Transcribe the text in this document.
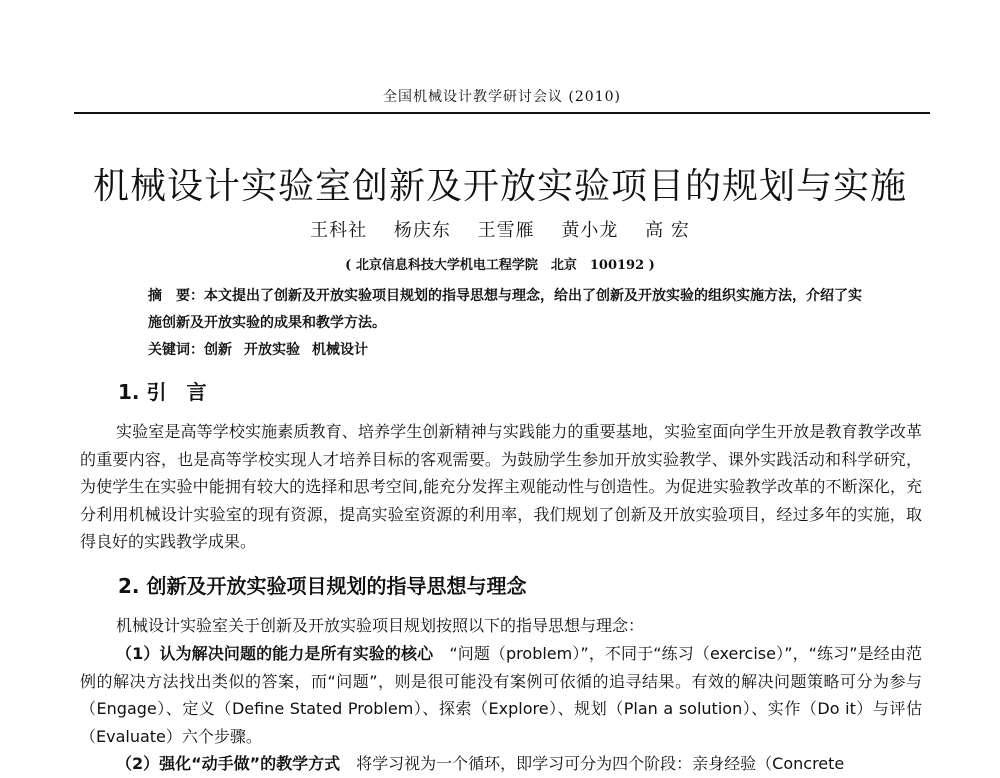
全国机械设计教学研讨会议 (2010)
机械设计实验室创新及开放实验项目的规划与实施
王科社 杨庆东 王雪雁 黄小龙 高 宏
( 北京信息科技大学机电工程学院　北京　100192 )
摘　要：本文提出了创新及开放实验项目规划的指导思想与理念，给出了创新及开放实验的组织实施方法，介绍了实施创新及开放实验的成果和教学方法。
关键词：创新 开放实验 机械设计
1. 引　言
实验室是高等学校实施素质教育、培养学生创新精神与实践能力的重要基地，实验室面向学生开放是教育教学改革的重要内容，也是高等学校实现人才培养目标的客观需要。为鼓励学生参加开放实验教学、课外实践活动和科学研究，为使学生在实验中能拥有较大的选择和思考空间,能充分发挥主观能动性与创造性。为促进实验教学改革的不断深化，充分利用机械设计实验室的现有资源，提高实验室资源的利用率，我们规划了创新及开放实验项目，经过多年的实施，取得良好的实践教学成果。
2. 创新及开放实验项目规划的指导思想与理念
机械设计实验室关于创新及开放实验项目规划按照以下的指导思想与理念：
（1）认为解决问题的能力是所有实验的核心　“问题（problem）”，不同于“练习（exercise）”，“练习”是经由范例的解决方法找出类似的答案，而“问题”，则是很可能没有案例可依循的追寻结果。有效的解决问题策略可分为参与（Engage）、定义（Define Stated Problem）、探索（Explore）、规划（Plan a solution）、实作（Do it）与评估（Evaluate）六个步骤。
（2）强化“动手做”的教学方式　将学习视为一个循环，即学习可分为四个阶段：亲身经验（Concrete
